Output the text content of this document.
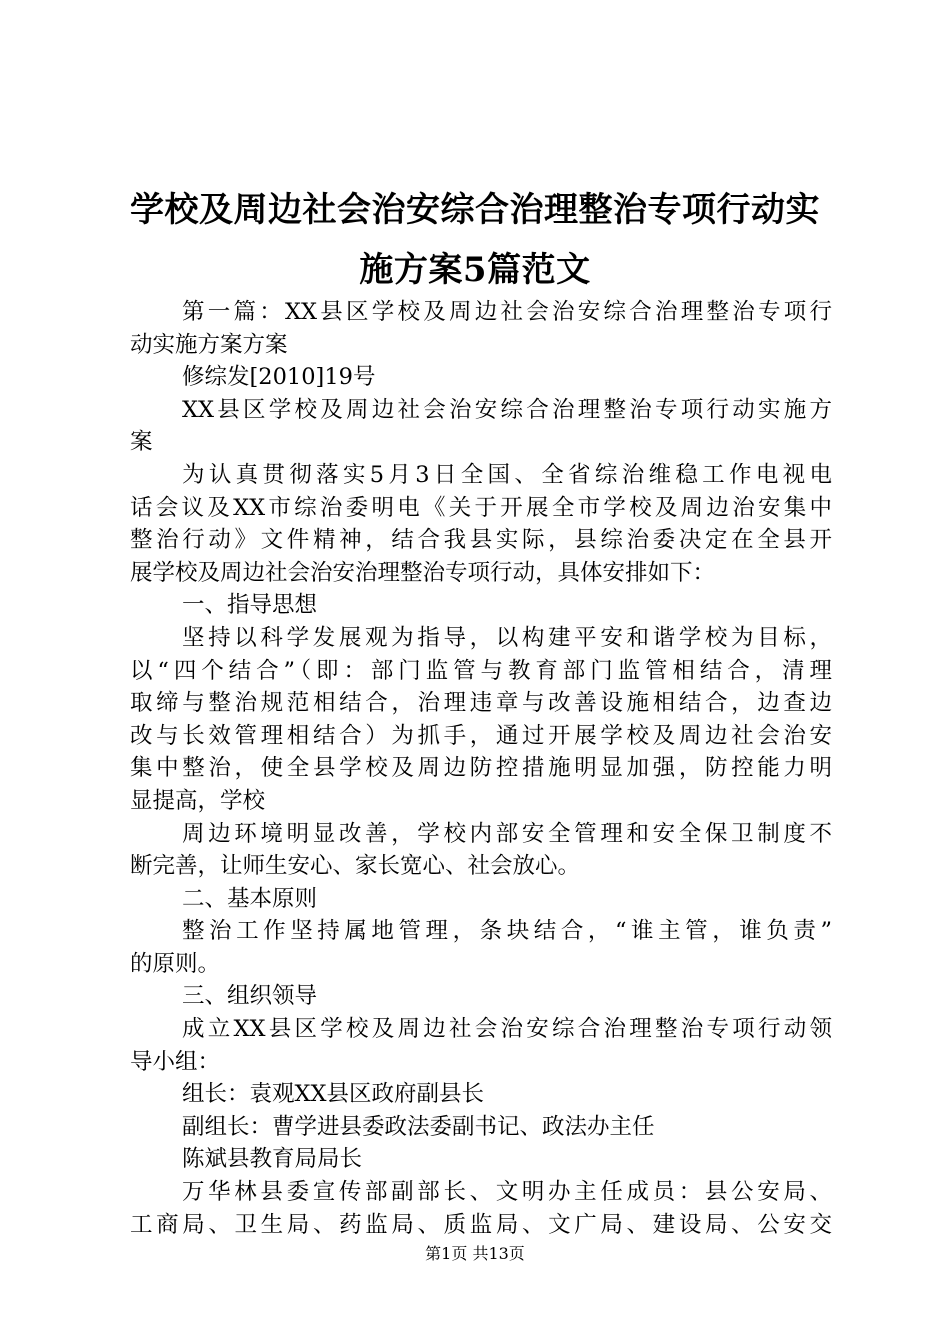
学校及周边社会治安综合治理整治专项行动实
施方案5篇范文
第一篇：XX县区学校及周边社会治安综合治理整治专项行
动实施方案方案
修综发[2010]19号
XX县区学校及周边社会治安综合治理整治专项行动实施方
案
为认真贯彻落实5月3日全国、全省综治维稳工作电视电
话会议及XX市综治委明电《关于开展全市学校及周边治安集中
整治行动》文件精神，结合我县实际，县综治委决定在全县开
展学校及周边社会治安治理整治专项行动，具体安排如下：
一、指导思想
坚持以科学发展观为指导，以构建平安和谐学校为目标，
以“四个结合”（即：部门监管与教育部门监管相结合，清理
取缔与整治规范相结合，治理违章与改善设施相结合，边查边
改与长效管理相结合）为抓手，通过开展学校及周边社会治安
集中整治，使全县学校及周边防控措施明显加强，防控能力明
显提高，学校
周边环境明显改善，学校内部安全管理和安全保卫制度不
断完善，让师生安心、家长宽心、社会放心。
二、基本原则
整治工作坚持属地管理，条块结合，“谁主管，谁负责”
的原则。
三、组织领导
成立XX县区学校及周边社会治安综合治理整治专项行动领
导小组：
组长：袁观XX县区政府副县长
副组长：曹学进县委政法委副书记、政法办主任
陈斌县教育局局长
万华林县委宣传部副部长、文明办主任成员：县公安局、
工商局、卫生局、药监局、质监局、文广局、建设局、公安交
第1页 共13页
